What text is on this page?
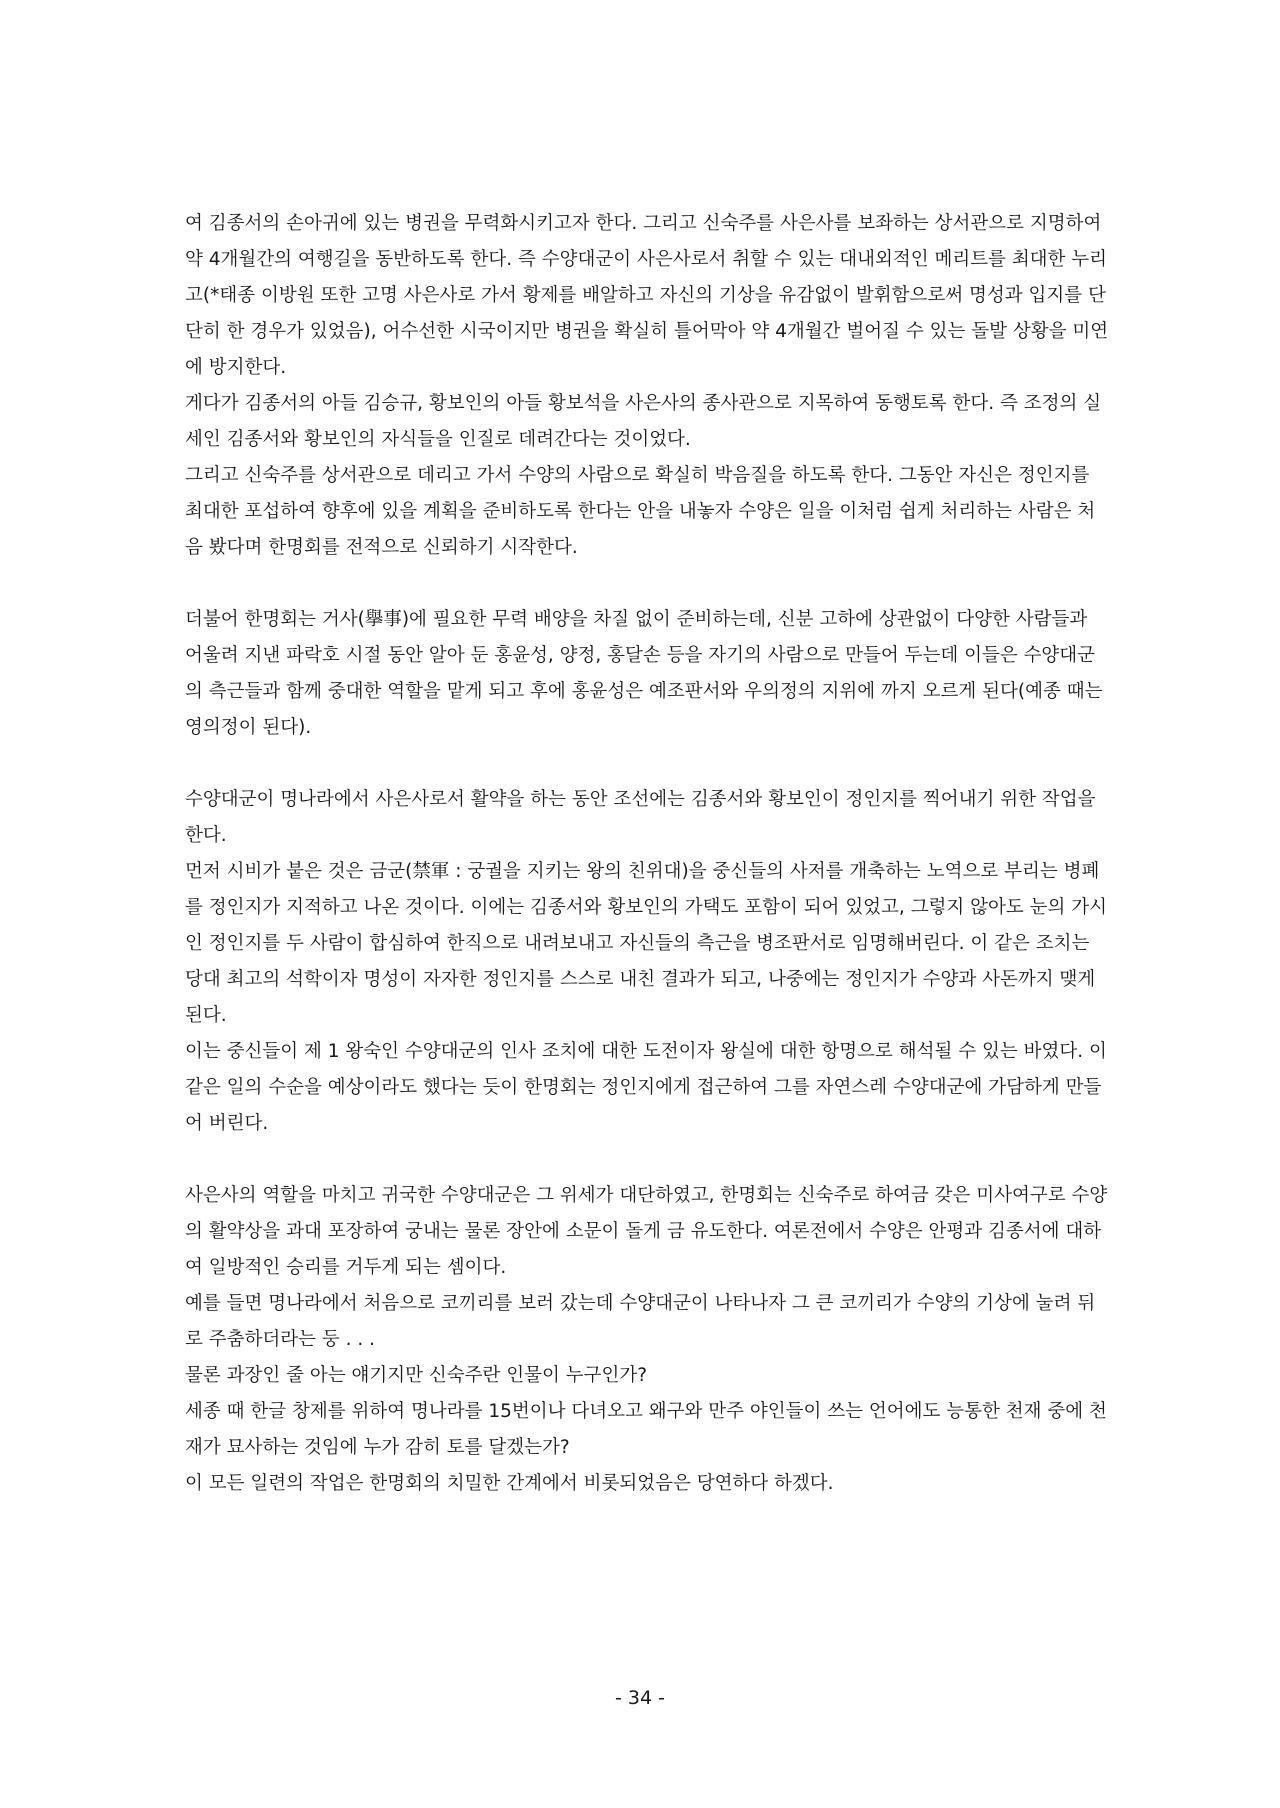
여 김종서의 손아귀에 있는 병권을 무력화시키고자 한다. 그리고 신숙주를 사은사를 보좌하는 상서관으로 지명하여 약 4개월간의 여행길을 동반하도록 한다. 즉 수양대군이 사은사로서 취할 수 있는 대내외적인 메리트를 최대한 누리고(*태종 이방원 또한 고명 사은사로 가서 황제를 배알하고 자신의 기상을 유감없이 발휘함으로써 명성과 입지를 단단히 한 경우가 있었음), 어수선한 시국이지만 병권을 확실히 틀어막아 약 4개월간 벌어질 수 있는 돌발 상황을 미연에 방지한다.

게다가 김종서의 아들 김승규, 황보인의 아들 황보석을 사은사의 종사관으로 지목하여 동행토록 한다. 즉 조정의 실세인 김종서와 황보인의 자식들을 인질로 데려간다는 것이었다.

그리고 신숙주를 상서관으로 데리고 가서 수양의 사람으로 확실히 박음질을 하도록 한다. 그동안 자신은 정인지를 최대한 포섭하여 향후에 있을 계획을 준비하도록 한다는 안을 내놓자 수양은 일을 이처럼 쉽게 처리하는 사람은 처음 봤다며 한명회를 전적으로 신뢰하기 시작한다.

더불어 한명회는 거사(擧事)에 필요한 무력 배양을 차질 없이 준비하는데, 신분 고하에 상관없이 다양한 사람들과 어울려 지낸 파락호 시절 동안 알아 둔 홍윤성, 양정, 홍달손 등을 자기의 사람으로 만들어 두는데 이들은 수양대군의 측근들과 함께 중대한 역할을 맡게 되고 후에 홍윤성은 예조판서와 우의정의 지위에 까지 오르게 된다(예종 때는 영의정이 된다).

수양대군이 명나라에서 사은사로서 활약을 하는 동안 조선에는 김종서와 황보인이 정인지를 찍어내기 위한 작업을 한다.

먼저 시비가 붙은 것은 금군(禁軍 : 궁궐을 지키는 왕의 친위대)을 중신들의 사저를 개축하는 노역으로 부리는 병폐를 정인지가 지적하고 나온 것이다. 이에는 김종서와 황보인의 가택도 포함이 되어 있었고, 그렇지 않아도 눈의 가시인 정인지를 두 사람이 합심하여 한직으로 내려보내고 자신들의 측근을 병조판서로 임명해버린다. 이 같은 조치는 당대 최고의 석학이자 명성이 자자한 정인지를 스스로 내친 결과가 되고, 나중에는 정인지가 수양과 사돈까지 맺게 된다.

이는 중신들이 제 1 왕숙인 수양대군의 인사 조치에 대한 도전이자 왕실에 대한 항명으로 해석될 수 있는 바였다. 이 같은 일의 수순을 예상이라도 했다는 듯이 한명회는 정인지에게 접근하여 그를 자연스레 수양대군에 가담하게 만들어 버린다.

사은사의 역할을 마치고 귀국한 수양대군은 그 위세가 대단하였고, 한명회는 신숙주로 하여금 갖은 미사여구로 수양의 활약상을 과대 포장하여 궁내는 물론 장안에 소문이 돌게 금 유도한다. 여론전에서 수양은 안평과 김종서에 대하여 일방적인 승리를 거두게 되는 셈이다.

예를 들면 명나라에서 처음으로 코끼리를 보러 갔는데 수양대군이 나타나자 그 큰 코끼리가 수양의 기상에 눌려 뒤로 주춤하더라는 둥 . . .

물론 과장인 줄 아는 얘기지만 신숙주란 인물이 누구인가?

세종 때 한글 창제를 위하여 명나라를 15번이나 다녀오고 왜구와 만주 야인들이 쓰는 언어에도 능통한 천재 중에 천재가 묘사하는 것임에 누가 감히 토를 달겠는가?

이 모든 일련의 작업은 한명회의 치밀한 간계에서 비롯되었음은 당연하다 하겠다.

- 34 -
